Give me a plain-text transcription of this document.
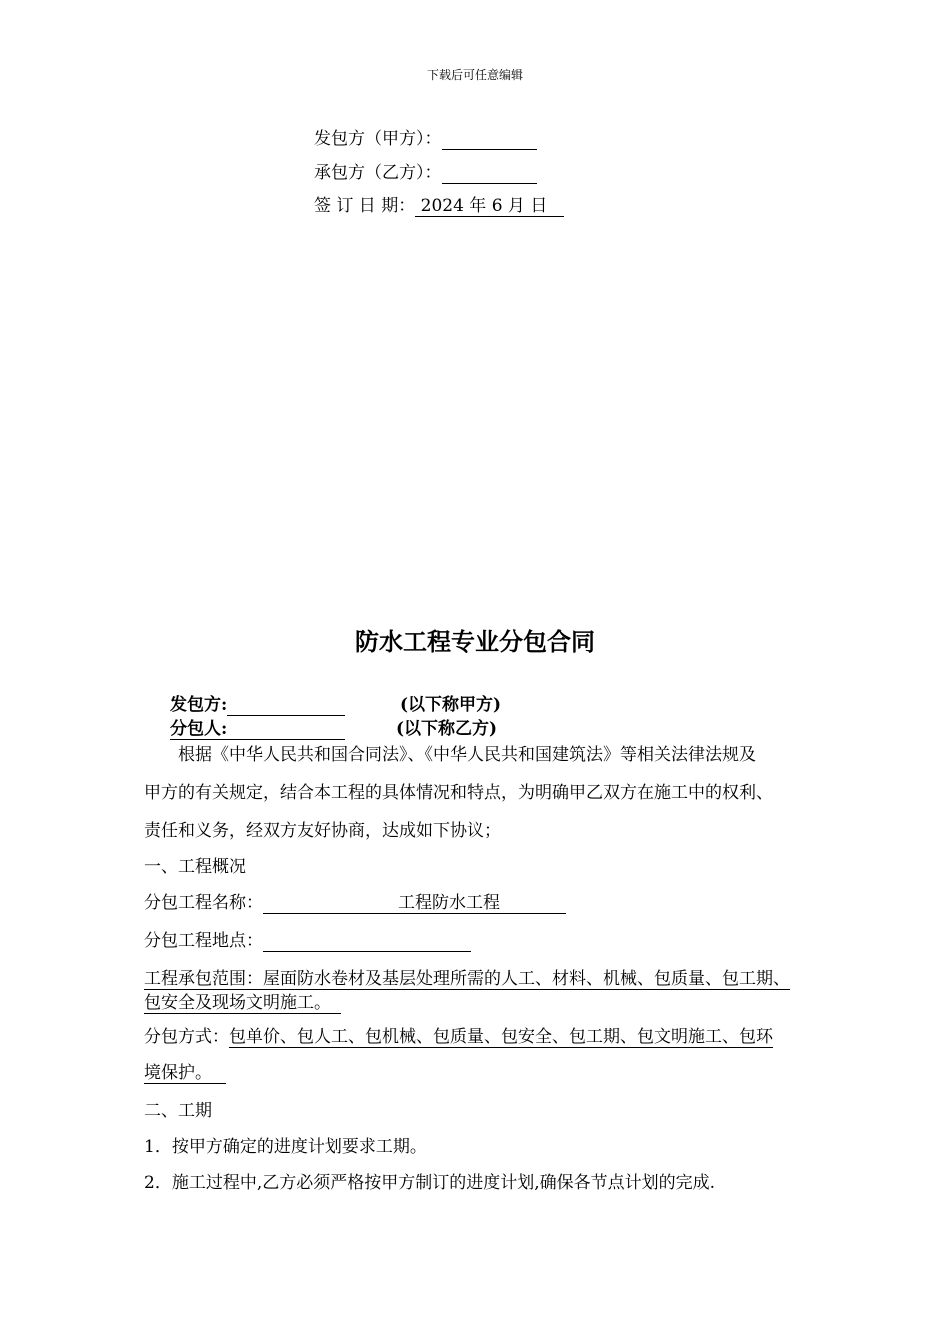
下载后可任意编辑
发包方（甲方）：
承包方（乙方）：
签 订 日 期： 2024 年 6 月 日
防水工程专业分包合同
发包方:	(以下称甲方)
分包人:	(以下称乙方)
根据《中华人民共和国合同法》、《中华人民共和国建筑法》等相关法律法规及
甲方的有关规定，结合本工程的具体情况和特点，为明确甲乙双方在施工中的权利、
责任和义务，经双方友好协商，达成如下协议；
一、工程概况
分包工程名称：	工程防水工程
分包工程地点：
工程承包范围：屋面防水卷材及基层处理所需的人工、材料、机械、包质量、包工期、
包安全及现场文明施工。
分包方式：包单价、包人工、包机械、包质量、包安全、包工期、包文明施工、包环
境保护。
二、工期
1．按甲方确定的进度计划要求工期。
2．施工过程中,乙方必须严格按甲方制订的进度计划,确保各节点计划的完成.
